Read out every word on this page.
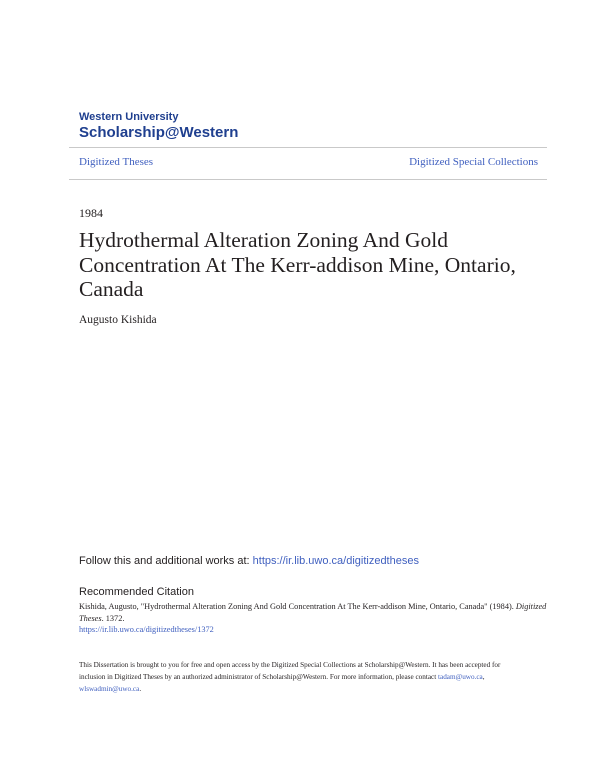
Western University
Scholarship@Western
Digitized Theses	Digitized Special Collections
1984
Hydrothermal Alteration Zoning And Gold Concentration At The Kerr-addison Mine, Ontario, Canada
Augusto Kishida
Follow this and additional works at: https://ir.lib.uwo.ca/digitizedtheses
Recommended Citation
Kishida, Augusto, "Hydrothermal Alteration Zoning And Gold Concentration At The Kerr-addison Mine, Ontario, Canada" (1984). Digitized Theses. 1372.
https://ir.lib.uwo.ca/digitizedtheses/1372
This Dissertation is brought to you for free and open access by the Digitized Special Collections at Scholarship@Western. It has been accepted for inclusion in Digitized Theses by an authorized administrator of Scholarship@Western. For more information, please contact tadam@uwo.ca, wlswadmin@uwo.ca.
